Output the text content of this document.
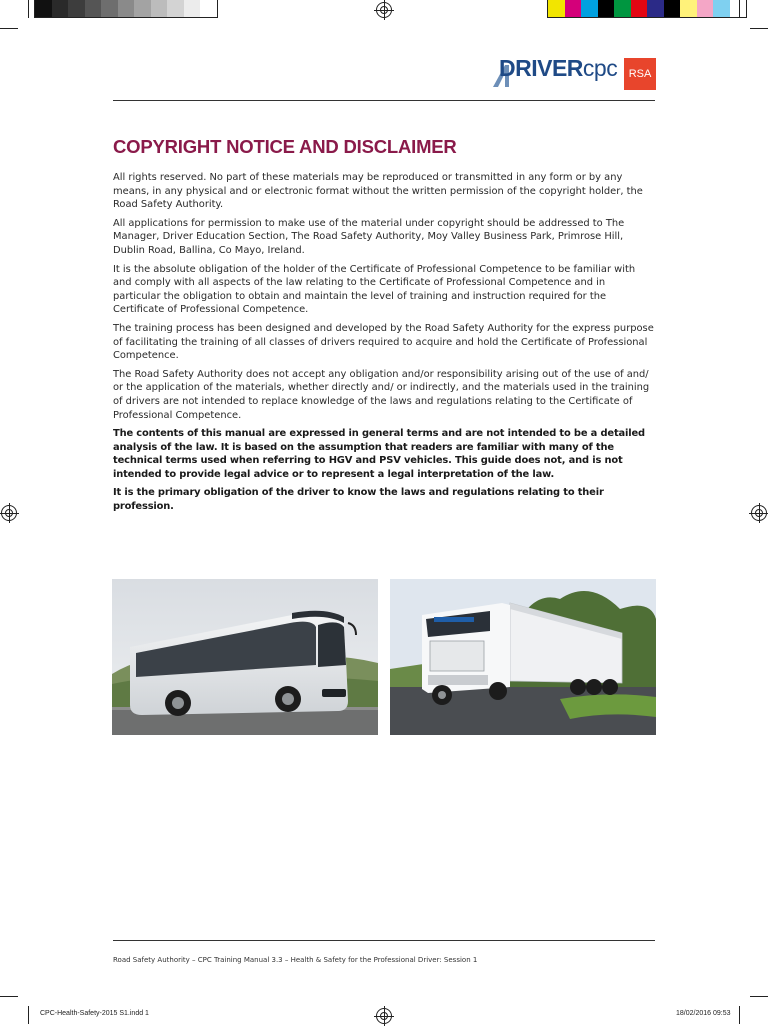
DRIVERcpc	RSA
COPYRIGHT NOTICE AND DISCLAIMER

All rights reserved. No part of these materials may be reproduced or transmitted in any form or by any means, in any physical and or electronic format without the written permission of the copyright holder, the Road Safety Authority.

All applications for permission to make use of the material under copyright should be addressed to The Manager, Driver Education Section, The Road Safety Authority, Moy Valley Business Park, Primrose Hill, Dublin Road, Ballina, Co Mayo, Ireland.

It is the absolute obligation of the holder of the Certificate of Professional Competence to be familiar with and comply with all aspects of the law relating to the Certificate of Professional Competence and in particular the obligation to obtain and maintain the level of training and instruction required for the Certificate of Professional Competence.

The training process has been designed and developed by the Road Safety Authority for the express purpose of facilitating the training of all classes of drivers required to acquire and hold the Certificate of Professional Competence.

The Road Safety Authority does not accept any obligation and/or responsibility arising out of the use of and/ or the application of the materials, whether directly and/ or indirectly, and the materials used in the training of drivers are not intended to replace knowledge of the laws and regulations relating to the Certificate of Professional Competence.

The contents of this manual are expressed in general terms and are not intended to be a detailed analysis of the law. It is based on the assumption that readers are familiar with many of the technical terms used when referring to HGV and PSV vehicles. This guide does not, and is not intended to provide legal advice or to represent a legal interpretation of the law.

It is the primary obligation of the driver to know the laws and regulations relating to their profession.

Road Safety Authority – CPC Training Manual 3.3 – Health & Safety for the Professional Driver: Session 1
CPC-Health-Safety-2015 S1.indd 1	18/02/2016 09:53
